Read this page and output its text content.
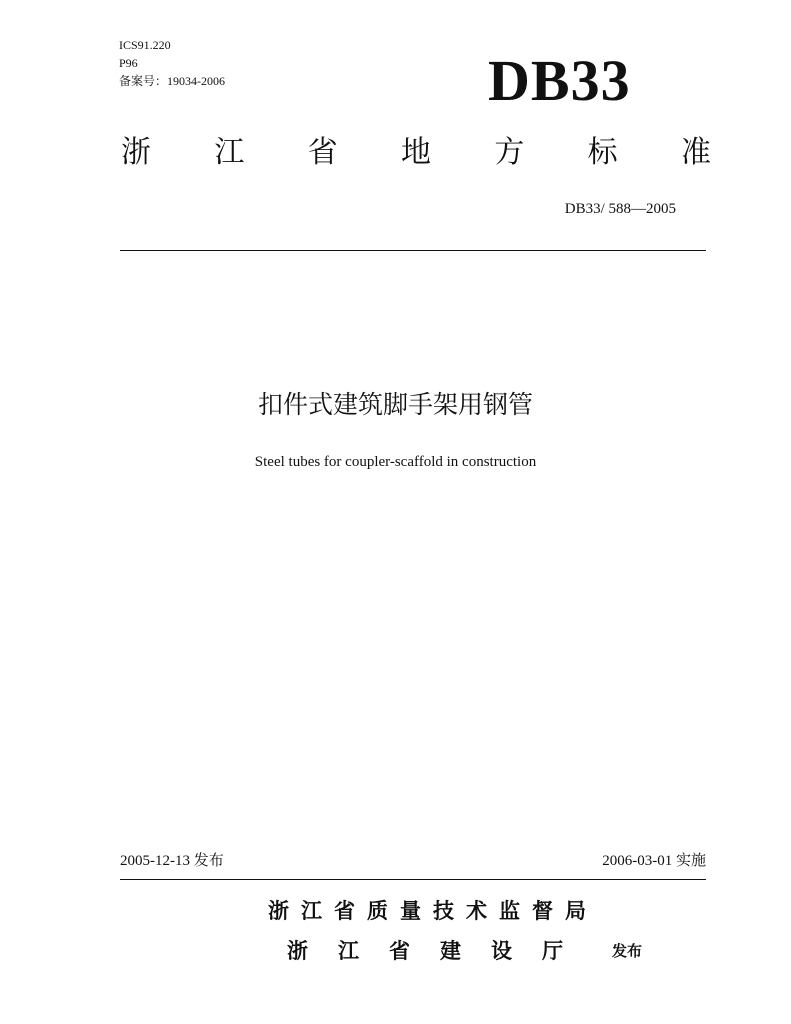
ICS91.220
P96
备案号：19034-2006	DB33
浙 江 省 地 方 标 准
DB33/ 588—2005
扣件式建筑脚手架用钢管
Steel tubes for coupler-scaffold in construction
2005-12-13 发布	2006-03-01 实施
浙 江 省 质 量 技 术 监 督 局
浙 江 省 建 设 厅	发布
